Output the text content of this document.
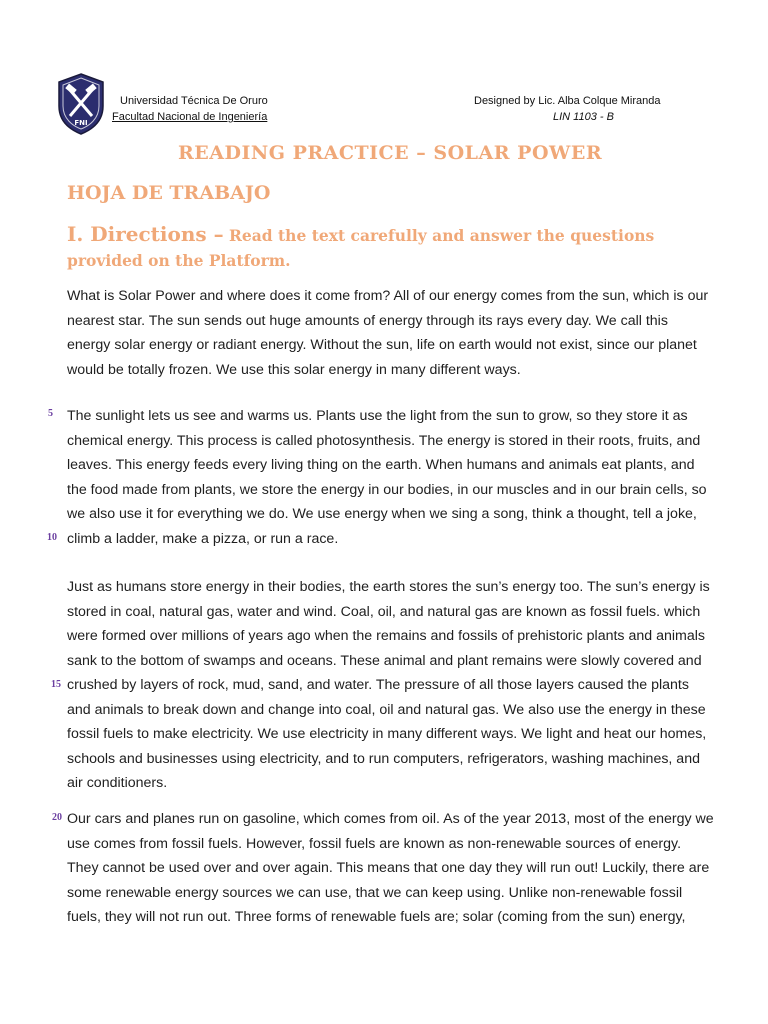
FNI
Universidad Técnica De Oruro
Facultad Nacional de Ingeniería
Designed by Lic. Alba Colque Miranda
LIN 1103 - B
READING PRACTICE – SOLAR POWER
HOJA DE TRABAJO
I. Directions – Read the text carefully and answer the questions provided on the Platform.
What is Solar Power and where does it come from? All of our energy comes from the sun, which is our nearest star. The sun sends out huge amounts of energy through its rays every day. We call this energy solar energy or radiant energy. Without the sun, life on earth would not exist, since our planet would be totally frozen. We use this solar energy in many different ways.
The sunlight lets us see and warms us. Plants use the light from the sun to grow, so they store it as chemical energy. This process is called photosynthesis. The energy is stored in their roots, fruits, and leaves. This energy feeds every living thing on the earth. When humans and animals eat plants, and the food made from plants, we store the energy in our bodies, in our muscles and in our brain cells, so we also use it for everything we do. We use energy when we sing a song, think a thought, tell a joke, climb a ladder, make a pizza, or run a race.
Just as humans store energy in their bodies, the earth stores the sun’s energy too. The sun’s energy is stored in coal, natural gas, water and wind. Coal, oil, and natural gas are known as fossil fuels. which were formed over millions of years ago when the remains and fossils of prehistoric plants and animals sank to the bottom of swamps and oceans. These animal and plant remains were slowly covered and crushed by layers of rock, mud, sand, and water. The pressure of all those layers caused the plants and animals to break down and change into coal, oil and natural gas. We also use the energy in these fossil fuels to make electricity. We use electricity in many different ways. We light and heat our homes, schools and businesses using electricity, and to run computers, refrigerators, washing machines, and air conditioners.
Our cars and planes run on gasoline, which comes from oil. As of the year 2013, most of the energy we use comes from fossil fuels. However, fossil fuels are known as non-renewable sources of energy. They cannot be used over and over again. This means that one day they will run out! Luckily, there are some renewable energy sources we can use, that we can keep using. Unlike non-renewable fossil fuels, they will not run out. Three forms of renewable fuels are; solar (coming from the sun) energy,
5
10
15
20
